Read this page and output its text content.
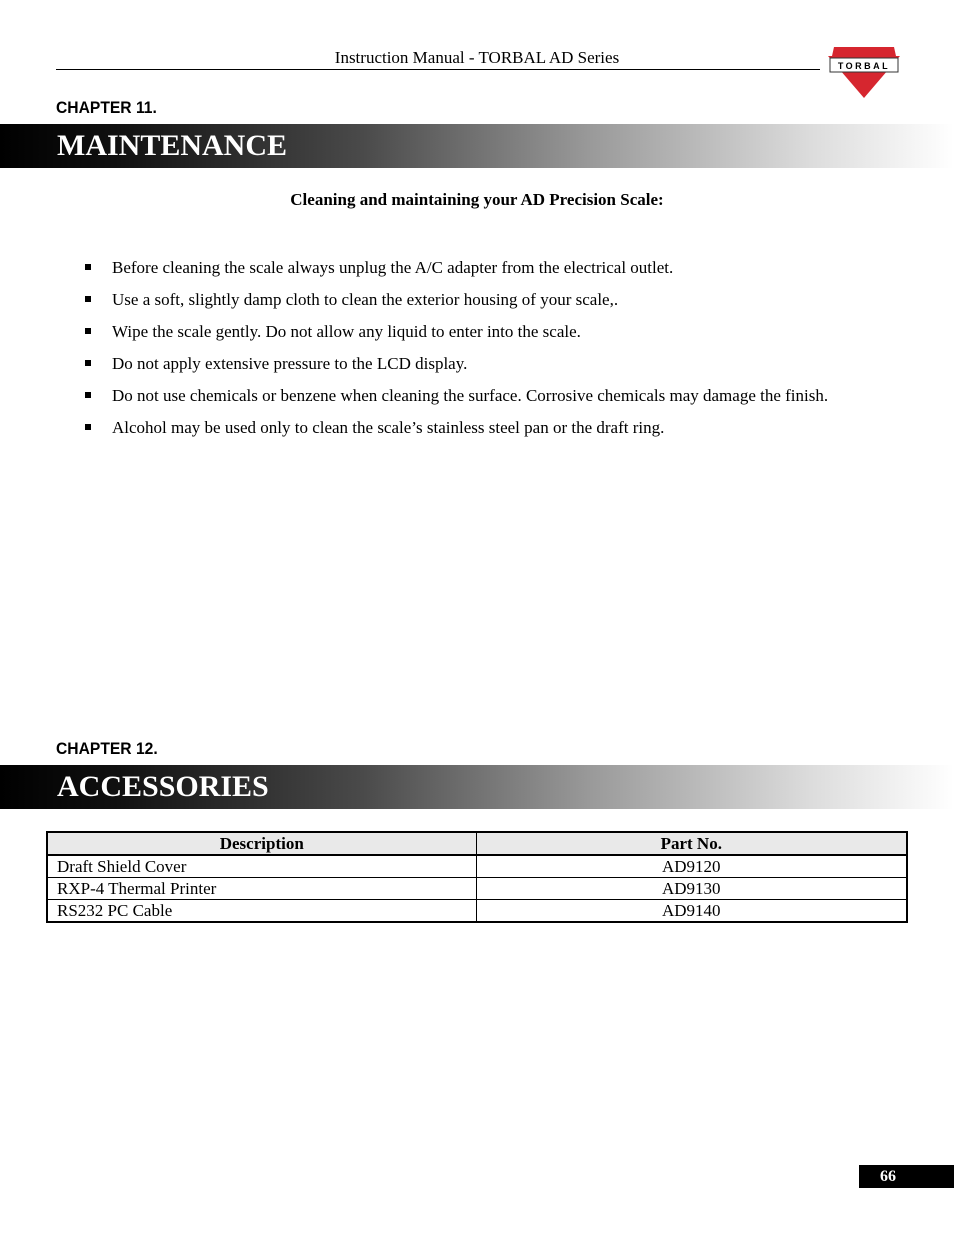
Instruction Manual - TORBAL AD Series	TORBAL
CHAPTER 11.
MAINTENANCE
Cleaning and maintaining your AD Precision Scale:
Before cleaning the scale always unplug the A/C adapter from the electrical outlet.
Use a soft, slightly damp cloth to clean the exterior housing of your scale,.
Wipe the scale gently. Do not allow any liquid to enter into the scale.
Do not apply extensive pressure to the LCD display.
Do not use chemicals or benzene when cleaning the surface. Corrosive chemicals may damage the finish.
Alcohol may be used only to clean the scale’s stainless steel pan or the draft ring.
CHAPTER 12.
ACCESSORIES
Description	Part No.
Draft Shield Cover	AD9120
RXP-4 Thermal Printer	AD9130
RS232 PC Cable	AD9140
66
